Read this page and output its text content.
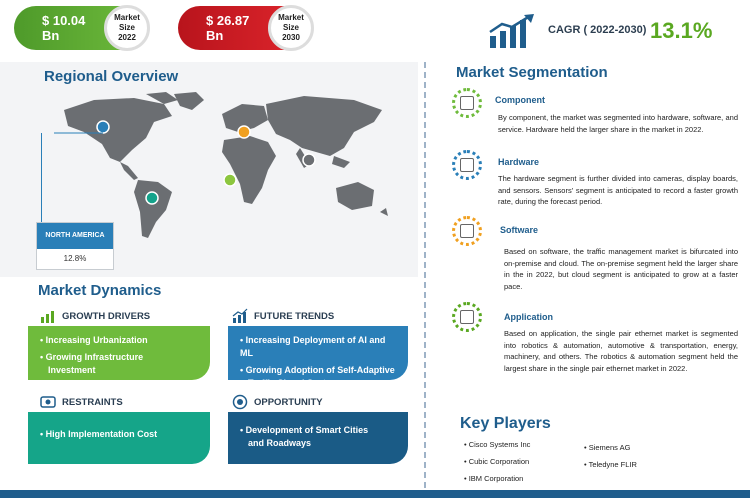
$ 10.04 Bn
Market Size
2022
$ 26.87 Bn
Market Size
2030
CAGR ( 2022-2030) 13.1%
Regional Overview
NORTH AMERICA
12.8%
Market Dynamics
GROWTH DRIVERS
• Increasing Urbanization
• Growing Infrastructure
Investment
FUTURE TRENDS
• Increasing Deployment of AI and ML
• Growing Adoption of Self-Adaptive
Traffic Signal Systems
RESTRAINTS
• High Implementation Cost
OPPORTUNITY
• Development of Smart Cities
and Roadways
Market Segmentation
Component
By component, the market was segmented into hardware, software, and service. Hardware held the larger share in the market in 2022.
Hardware
The hardware segment is further divided into cameras, display boards, and sensors. Sensors' segment is anticipated to record a faster growth rate, during the forecast period.
Software
Based on software, the traffic management market is bifurcated into on-premise and cloud. The on-premise segment held the larger share in the in 2022, but cloud segment is anticipated to grow at a faster pace.
Application
Based on application, the single pair ethernet market is segmented into robotics & automation, automotive & transportation, energy, machinery, and others. The robotics & automation segment held the largest share in the single pair ethernet market in 2022.
Key Players
• Cisco Systems Inc
• Cubic Corporation
• IBM Corporation
• Siemens AG
• Teledyne FLIR
